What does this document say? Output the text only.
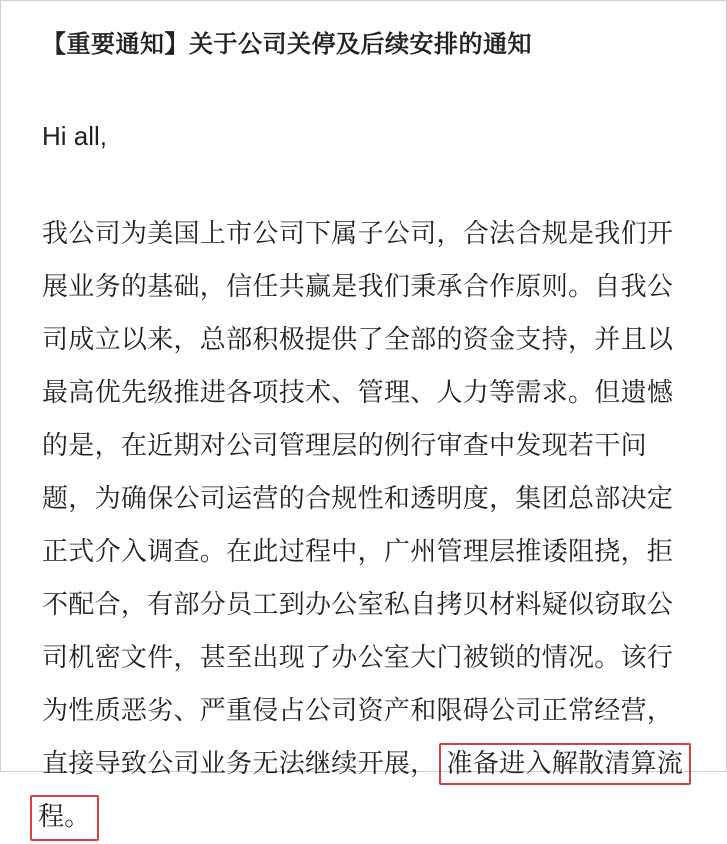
【重要通知】关于公司关停及后续安排的通知
Hi all,
我公司为美国上市公司下属子公司，合法合规是我们开
展业务的基础，信任共赢是我们秉承合作原则。自我公
司成立以来，总部积极提供了全部的资金支持，并且以
最高优先级推进各项技术、管理、人力等需求。但遗憾
的是，在近期对公司管理层的例行审查中发现若干问
题，为确保公司运营的合规性和透明度，集团总部决定
正式介入调查。在此过程中，广州管理层推诿阻挠，拒
不配合，有部分员工到办公室私自拷贝材料疑似窃取公
司机密文件，甚至出现了办公室大门被锁的情况。该行
为性质恶劣、严重侵占公司资产和限碍公司正常经营，
直接导致公司业务无法继续开展， 准备进入解散清算流
程。
